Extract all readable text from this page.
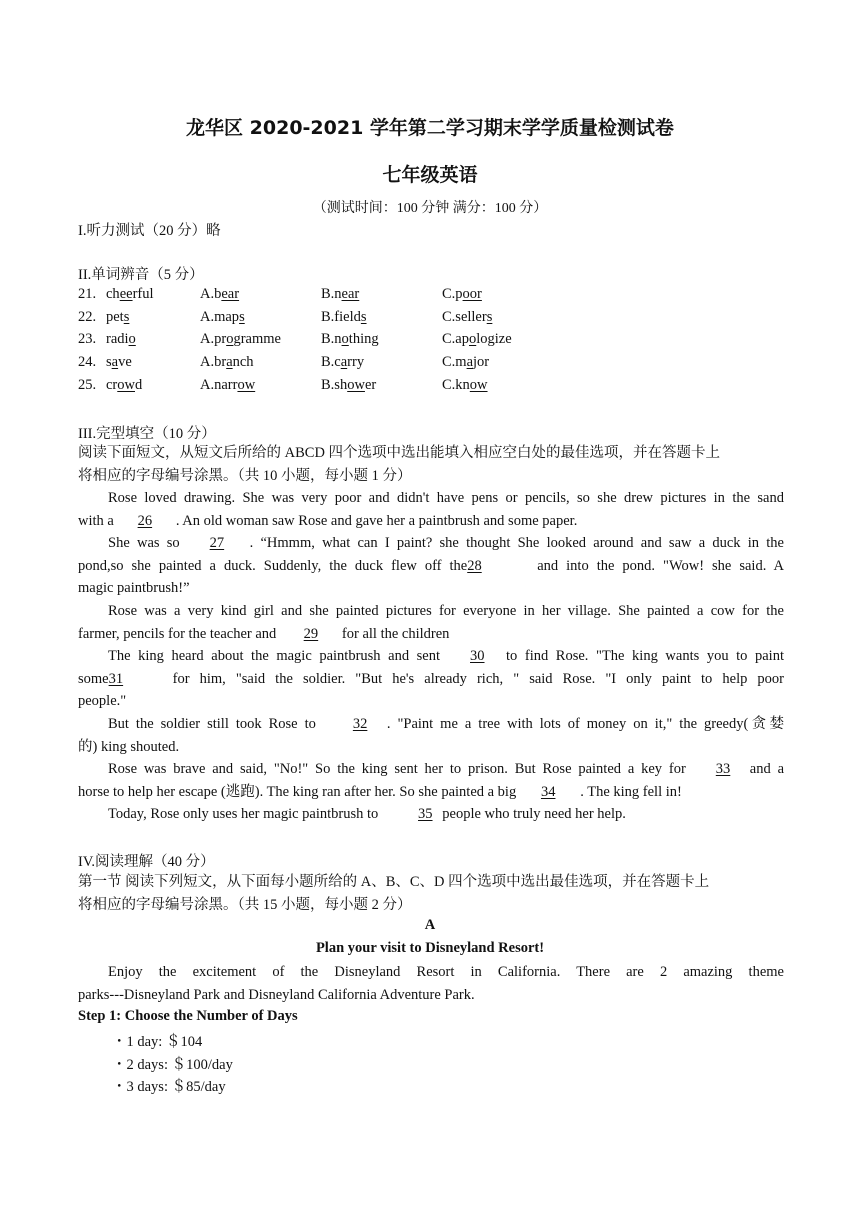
龙华区 2020-2021 学年第二学习期末学学质量检测试卷
七年级英语
（测试时间：100 分钟 满分：100 分）
I.听力测试（20 分）略
II.单词辨音（5 分）
21. cheerful	A.bear	B.near	C.poor
22. pets	A.maps	B.fields	C.sellers
23. radio	A.programme	B.nothing	C.apologize
24. save	A.branch	B.carry	C.major
25. crowd	A.narrow	B.shower	C.know
III.完型填空（10 分）
阅读下面短文，从短文后所给的 ABCD 四个选项中选出能填入相应空白处的最佳选项，并在答题卡上
将相应的字母编号涂黑。（共 10 小题，每小题 1 分）
Rose loved drawing. She was very poor and didn't have pens or pencils, so she drew pictures in the sand
with a 26 . An old woman saw Rose and gave her a paintbrush and some paper.
She was so 27 . “Hmmm, what can I paint? she thought She looked around and saw a duck in the
pond,so she painted a duck. Suddenly, the duck flew off the28	and into the pond. "Wow! she said. A
magic paintbrush!”
Rose was a very kind girl and she painted pictures for everyone in her village. She painted a cow for the
farmer, pencils for the teacher and 29 for all the children
The king heard about the magic paintbrush and sent 30 to find Rose. "The king wants you to paint
some31	for him, "said the soldier. "But he's already rich, " said Rose. "I only paint to help poor
people."
But the soldier still took Rose to	32 . "Paint me a tree with lots of money on it," the greedy(贪婪
的) king shouted.
Rose was brave and said, "No!" So the king sent her to prison. But Rose painted a key for 33 and a
horse to help her escape (逃跑). The king ran after her. So she painted a big 34 . The king fell in!
Today, Rose only uses her magic paintbrush to	35 people who truly need her help.
IV.阅读理解（40 分）
第一节 阅读下列短文，从下面每小题所给的 A、B、C、D 四个选项中选出最佳选项，并在答题卡上
将相应的字母编号涂黑。（共 15 小题，每小题 2 分）
A
Plan your visit to Disneyland Resort!
Enjoy the excitement of the Disneyland Resort in California. There are 2 amazing theme
parks---Disneyland Park and Disneyland California Adventure Park.
Step 1: Choose the Number of Days
・1 day: ＄104
・2 days: ＄100/day
・3 days: ＄85/day
